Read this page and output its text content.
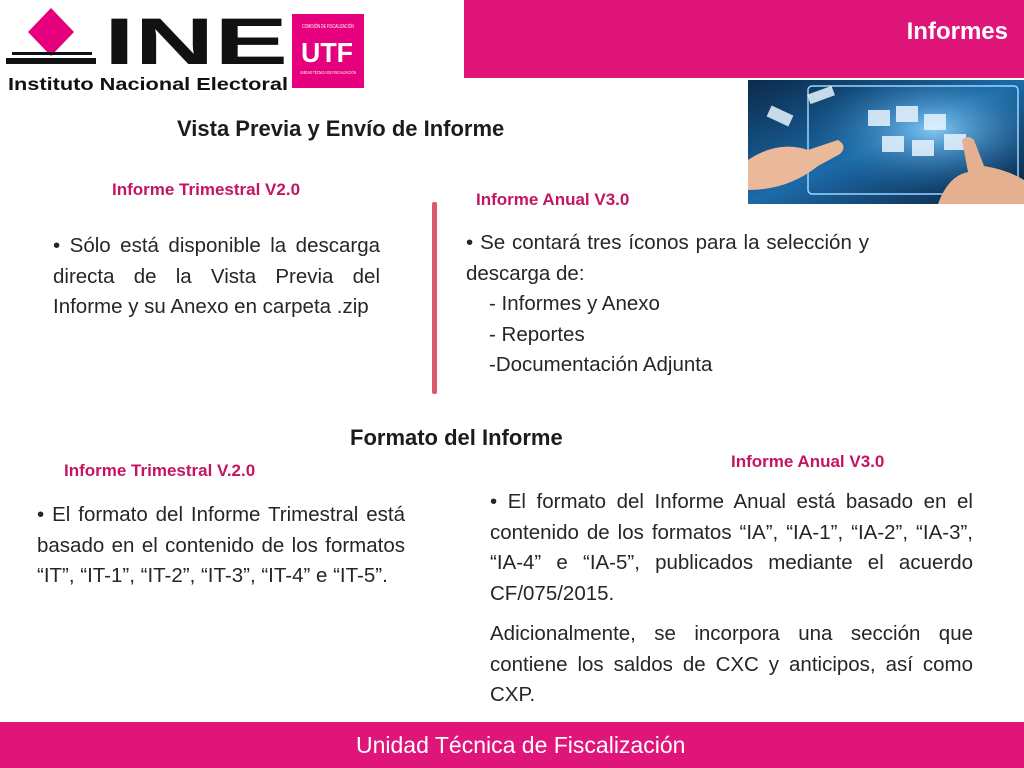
INE
Instituto Nacional Electoral
COMISIÓN DE FISCALIZACIÓN
UTF
UNIDAD TÉCNICA DE FISCALIZACIÓN
Informes
Vista Previa y Envío de Informe
Informe Trimestral V2.0
Informe Anual V3.0

• Sólo está disponible la descarga directa de la Vista Previa del Informe y su Anexo en carpeta .zip

• Se contará tres íconos para la selección y descarga de:

- Informes y Anexo

- Reportes

-Documentación Adjunta

Formato del Informe
Informe Trimestral V.2.0	Informe Anual V3.0

• El formato del Informe Trimestral está basado en el contenido de los formatos “IT”, “IT-1”, “IT-2”, “IT-3”, “IT-4” e “IT-5”.

• El formato del Informe Anual está basado en el contenido de los formatos “IA”, “IA-1”, “IA-2”, “IA-3”, “IA-4” e “IA-5”, publicados mediante el acuerdo CF/075/2015.

Adicionalmente, se incorpora una sección que contiene los saldos de CXC y anticipos, así como CXP.

Unidad Técnica de Fiscalización
